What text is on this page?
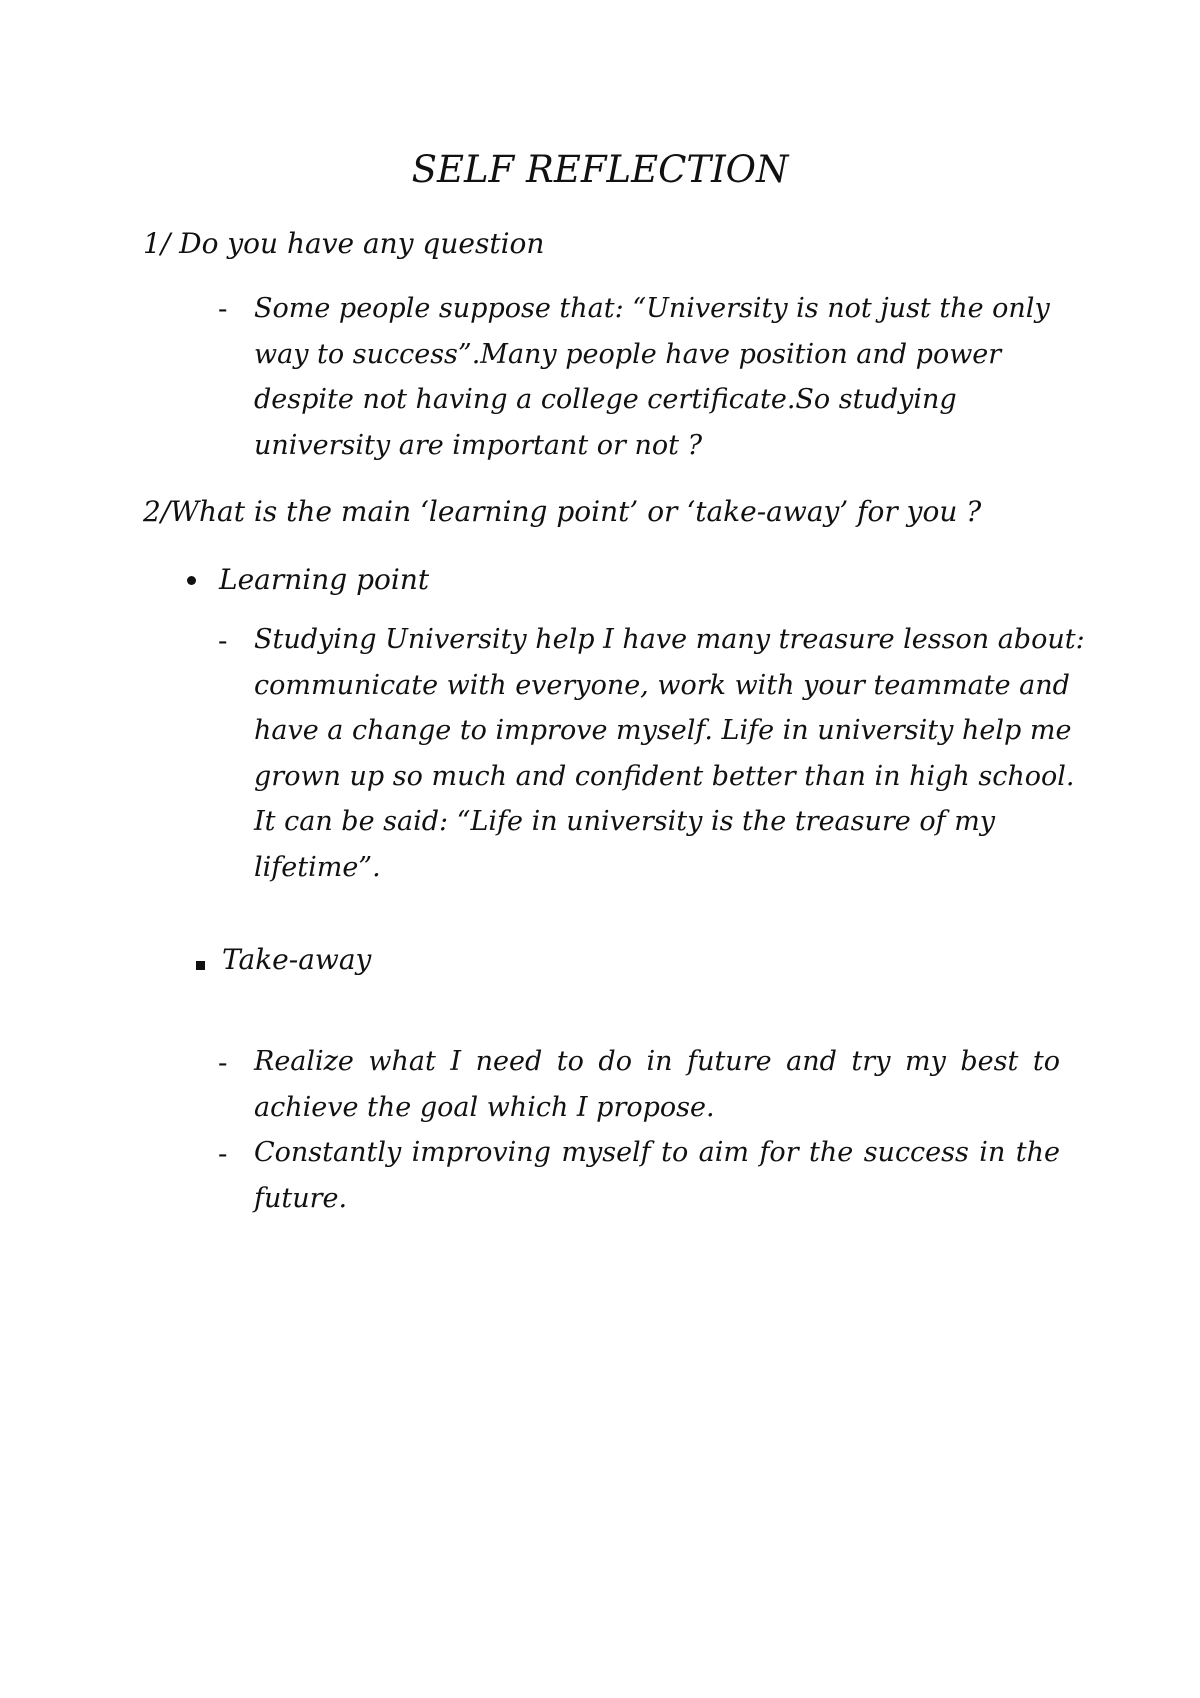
SELF REFLECTION
1/ Do you have any question
- Some people suppose that: “University is not just the only
way to success”.Many people have position and power
despite not having a college certificate.So studying
university are important or not ?
2/What is the main ‘learning point’ or ‘take-away’ for you ?
Learning point
- Studying University help I have many treasure lesson about:
communicate with everyone, work with your teammate and
have a change to improve myself. Life in university help me
grown up so much and confident better than in high school.
It can be said: “Life in university is the treasure of my
lifetime”.
Take-away
- Realize what I need to do in future and try my best to achieve the goal which I propose.
- Constantly improving myself to aim for the success in the future.
